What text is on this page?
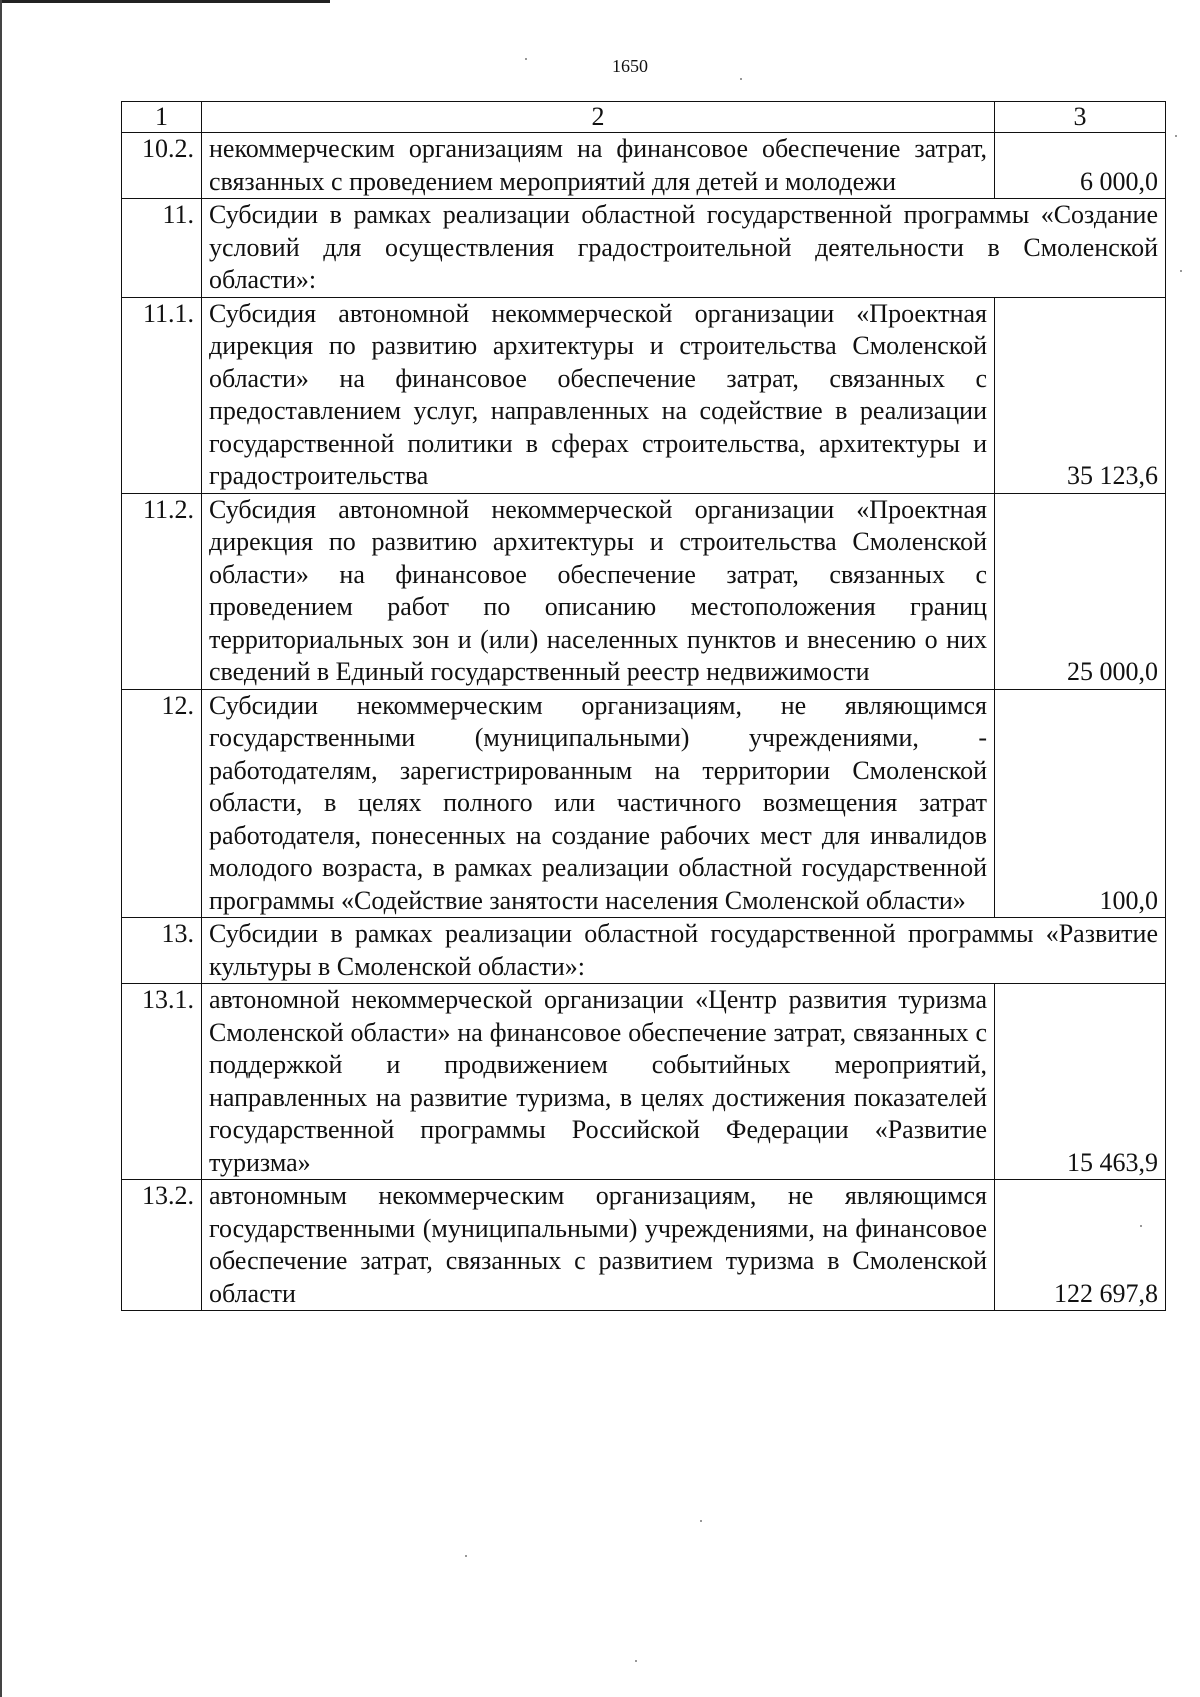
1650
1	2	3
10.2.	некоммерческим организациям на финансовое обеспечение затрат, связанных с проведением мероприятий для детей и молодежи	6 000,0
11.	Субсидии в рамках реализации областной государственной программы «Создание условий для осуществления градостроительной деятельности в Смоленской области»:	
11.1.	Субсидия автономной некоммерческой организации «Проектная дирекция по развитию архитектуры и строительства Смоленской области» на финансовое обеспечение затрат, связанных с предоставлением услуг, направленных на содействие в реализации государственной политики в сферах строительства, архитектуры и градостроительства	35 123,6
11.2.	Субсидия автономной некоммерческой организации «Проектная дирекция по развитию архитектуры и строительства Смоленской области» на финансовое обеспечение затрат, связанных с проведением работ по описанию местоположения границ территориальных зон и (или) населенных пунктов и внесению о них сведений в Единый государственный реестр недвижимости	25 000,0
12.	Субсидии некоммерческим организациям, не являющимся государственными (муниципальными) учреждениями, - работодателям, зарегистрированным на территории Смоленской области, в целях полного или частичного возмещения затрат работодателя, понесенных на создание рабочих мест для инвалидов молодого возраста, в рамках реализации областной государственной программы «Содействие занятости населения Смоленской области»	100,0
13.	Субсидии в рамках реализации областной государственной программы «Развитие культуры в Смоленской области»:	
13.1.	автономной некоммерческой организации «Центр развития туризма Смоленской области» на финансовое обеспечение затрат, связанных с поддержкой и продвижением событийных мероприятий, направленных на развитие туризма, в целях достижения показателей государственной программы Российской Федерации «Развитие туризма»	15 463,9
13.2.	автономным некоммерческим организациям, не являющимся государственными (муниципальными) учреждениями, на финансовое обеспечение затрат, связанных с развитием туризма в Смоленской области	122 697,8
